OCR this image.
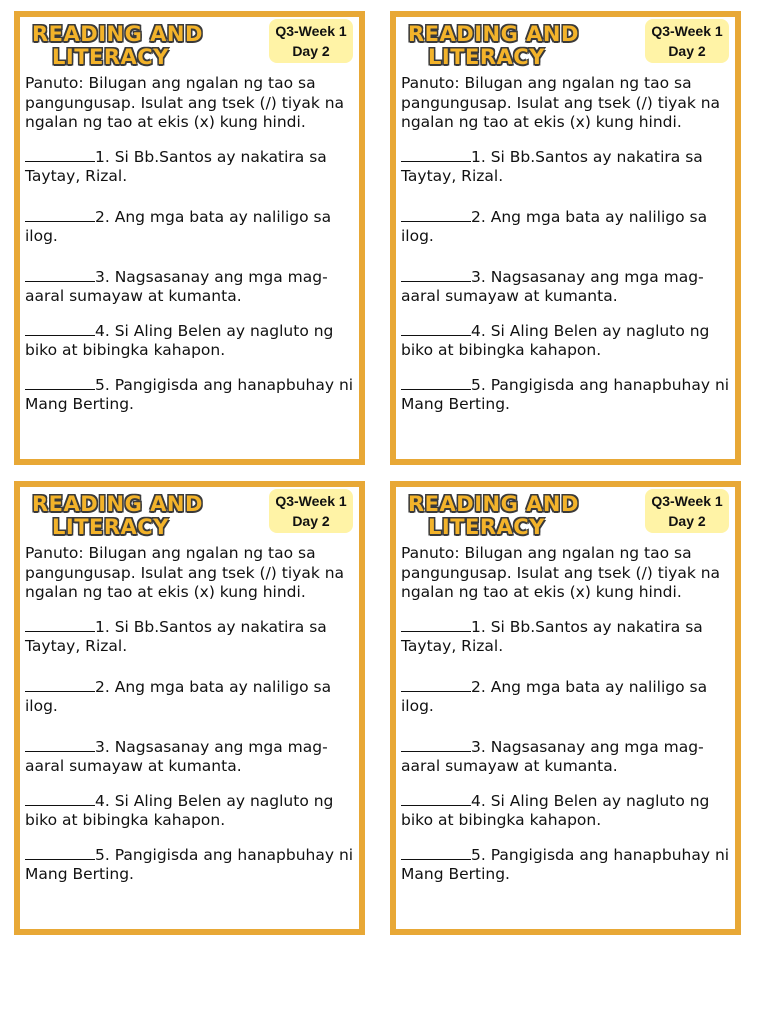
READING AND
LITERACY
Q3-Week 1
Day 2

Panuto: Bilugan ang ngalan ng tao sa pangungusap. Isulat ang tsek (/) tiyak na ngalan ng tao at ekis (x) kung hindi.

1. Si Bb.Santos ay nakatira sa Taytay, Rizal.

2. Ang mga bata ay naliligo sa ilog.

3. Nagsasanay ang mga mag-aaral sumayaw at kumanta.

4. Si Aling Belen ay nagluto ng biko at bibingka kahapon.

5. Pangigisda ang hanapbuhay ni Mang Berting.

READING AND
LITERACY
Q3-Week 1
Day 2

Panuto: Bilugan ang ngalan ng tao sa pangungusap. Isulat ang tsek (/) tiyak na ngalan ng tao at ekis (x) kung hindi.

1. Si Bb.Santos ay nakatira sa Taytay, Rizal.

2. Ang mga bata ay naliligo sa ilog.

3. Nagsasanay ang mga mag-aaral sumayaw at kumanta.

4. Si Aling Belen ay nagluto ng biko at bibingka kahapon.

5. Pangigisda ang hanapbuhay ni Mang Berting.

READING AND
LITERACY
Q3-Week 1
Day 2

Panuto: Bilugan ang ngalan ng tao sa pangungusap. Isulat ang tsek (/) tiyak na ngalan ng tao at ekis (x) kung hindi.

1. Si Bb.Santos ay nakatira sa Taytay, Rizal.

2. Ang mga bata ay naliligo sa ilog.

3. Nagsasanay ang mga mag-aaral sumayaw at kumanta.

4. Si Aling Belen ay nagluto ng biko at bibingka kahapon.

5. Pangigisda ang hanapbuhay ni Mang Berting.

READING AND
LITERACY
Q3-Week 1
Day 2

Panuto: Bilugan ang ngalan ng tao sa pangungusap. Isulat ang tsek (/) tiyak na ngalan ng tao at ekis (x) kung hindi.

1. Si Bb.Santos ay nakatira sa Taytay, Rizal.

2. Ang mga bata ay naliligo sa ilog.

3. Nagsasanay ang mga mag-aaral sumayaw at kumanta.

4. Si Aling Belen ay nagluto ng biko at bibingka kahapon.

5. Pangigisda ang hanapbuhay ni Mang Berting.
